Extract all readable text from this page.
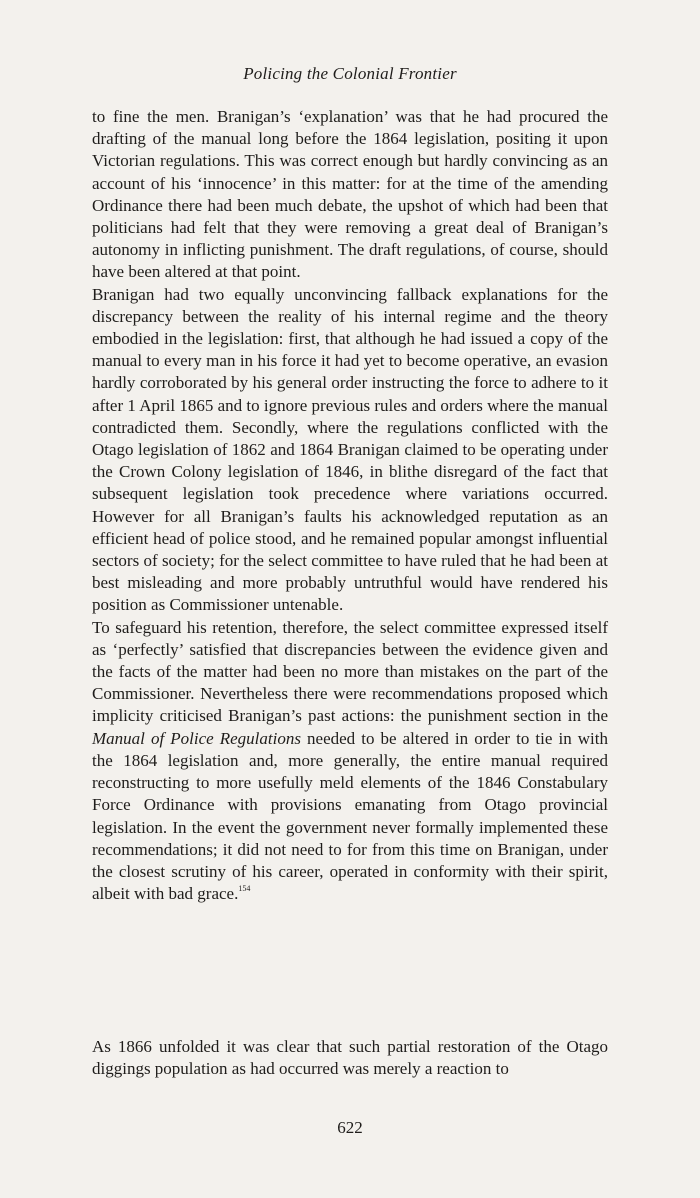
Policing the Colonial Frontier

to fine the men. Branigan’s ‘explanation’ was that he had procured the drafting of the manual long before the 1864 legislation, positing it upon Victorian regulations. This was correct enough but hardly convincing as an account of his ‘innocence’ in this matter: for at the time of the amending Ordinance there had been much debate, the upshot of which had been that politicians had felt that they were removing a great deal of Branigan’s autonomy in inflicting punishment. The draft regulations, of course, should have been altered at that point.

Branigan had two equally unconvincing fallback explanations for the discrepancy between the reality of his internal regime and the theory embodied in the legislation: first, that although he had issued a copy of the manual to every man in his force it had yet to become operative, an evasion hardly corroborated by his general order instructing the force to adhere to it after 1 April 1865 and to ignore previous rules and orders where the manual contradicted them. Secondly, where the regulations conflicted with the Otago legislation of 1862 and 1864 Branigan claimed to be operating under the Crown Colony legislation of 1846, in blithe disregard of the fact that subsequent legislation took precedence where variations occurred. However for all Branigan’s faults his acknowledged reputation as an efficient head of police stood, and he remained popular amongst influential sectors of society; for the select committee to have ruled that he had been at best misleading and more probably untruthful would have rendered his position as Commissioner untenable.

To safeguard his retention, therefore, the select committee expressed itself as ‘perfectly’ satisfied that discrepancies between the evidence given and the facts of the matter had been no more than mistakes on the part of the Commissioner. Nevertheless there were recommendations proposed which implicity criticised Branigan’s past actions: the punishment section in the Manual of Police Regulations needed to be altered in order to tie in with the 1864 legislation and, more generally, the entire manual required reconstructing to more usefully meld elements of the 1846 Constabulary Force Ordinance with provisions emanating from Otago provincial legislation. In the event the government never formally implemented these recommendations; it did not need to for from this time on Branigan, under the closest scrutiny of his career, operated in conformity with their spirit, albeit with bad grace.$^{154}$

As 1866 unfolded it was clear that such partial restoration of the Otago diggings population as had occurred was merely a reaction to

622
